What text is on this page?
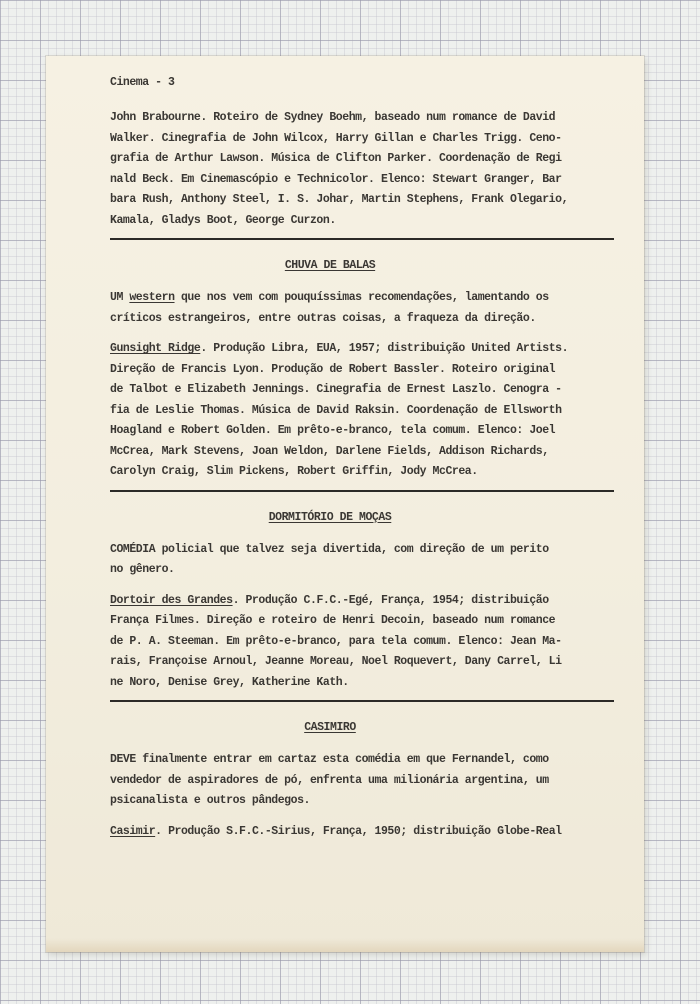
Cinema - 3
John Brabourne. Roteiro de Sydney Boehm, baseado num romance de David
Walker. Cinegrafia de John Wilcox, Harry Gillan e Charles Trigg. Ceno-
grafia de Arthur Lawson. Música de Clifton Parker. Coordenação de Regi
nald Beck. Em Cinemascópio e Technicolor. Elenco: Stewart Granger, Bar
bara Rush, Anthony Steel, I. S. Johar, Martin Stephens, Frank Olegario,
Kamala, Gladys Boot, George Curzon.
CHUVA DE BALAS
UM western que nos vem com pouquíssimas recomendações, lamentando os
críticos estrangeiros, entre outras coisas, a fraqueza da direção.
Gunsight Ridge. Produção Libra, EUA, 1957; distribuição United Artists.
Direção de Francis Lyon. Produção de Robert Bassler. Roteiro original
de Talbot e Elizabeth Jennings. Cinegrafia de Ernest Laszlo. Cenogra -
fia de Leslie Thomas. Música de David Raksin. Coordenação de Ellsworth
Hoagland e Robert Golden. Em prêto-e-branco, tela comum. Elenco: Joel
McCrea, Mark Stevens, Joan Weldon, Darlene Fields, Addison Richards,
Carolyn Craig, Slim Pickens, Robert Griffin, Jody McCrea.
DORMITÓRIO DE MOÇAS
COMÉDIA policial que talvez seja divertida, com direção de um perito
no gênero.
Dortoir des Grandes. Produção C.F.C.-Egé, França, 1954; distribuição
França Filmes. Direção e roteiro de Henri Decoin, baseado num romance
de P. A. Steeman. Em prêto-e-branco, para tela comum. Elenco: Jean Ma-
rais, Françoise Arnoul, Jeanne Moreau, Noel Roquevert, Dany Carrel, Li
ne Noro, Denise Grey, Katherine Kath.
CASIMIRO
DEVE finalmente entrar em cartaz esta comédia em que Fernandel, como
vendedor de aspiradores de pó, enfrenta uma milionária argentina, um
psicanalista e outros pândegos.
Casimir. Produção S.F.C.-Sirius, França, 1950; distribuição Globe-Real
